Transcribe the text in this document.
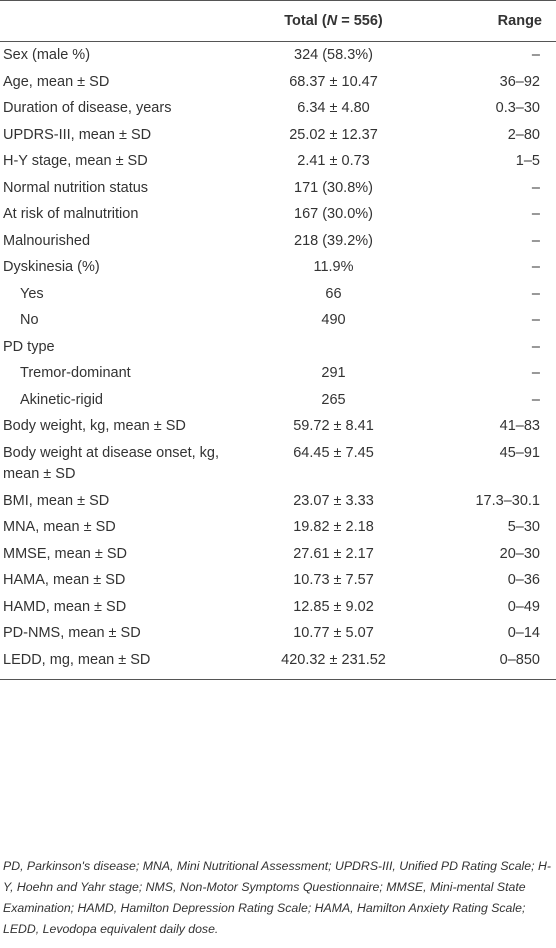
	Total (N = 556)	Range
Sex (male %)	324 (58.3%)	–
Age, mean ± SD	68.37 ± 10.47	36–92
Duration of disease, years	6.34 ± 4.80	0.3–30
UPDRS-III, mean ± SD	25.02 ± 12.37	2–80
H-Y stage, mean ± SD	2.41 ± 0.73	1–5
Normal nutrition status	171 (30.8%)	–
At risk of malnutrition	167 (30.0%)	–
Malnourished	218 (39.2%)	–
Dyskinesia (%)	11.9%	–
Yes	66	–
No	490	–
PD type		–
Tremor-dominant	291	–
Akinetic-rigid	265	–
Body weight, kg, mean ± SD	59.72 ± 8.41	41–83
Body weight at disease onset, kg, mean ± SD	64.45 ± 7.45	45–91
BMI, mean ± SD	23.07 ± 3.33	17.3–30.1
MNA, mean ± SD	19.82 ± 2.18	5–30
MMSE, mean ± SD	27.61 ± 2.17	20–30
HAMA, mean ± SD	10.73 ± 7.57	0–36
HAMD, mean ± SD	12.85 ± 9.02	0–49
PD-NMS, mean ± SD	10.77 ± 5.07	0–14
LEDD, mg, mean ± SD	420.32 ± 231.52	0–850
PD, Parkinson's disease; MNA, Mini Nutritional Assessment; UPDRS-III, Unified PD Rating Scale; H-Y, Hoehn and Yahr stage; NMS, Non-Motor Symptoms Questionnaire; MMSE, Mini-mental State Examination; HAMD, Hamilton Depression Rating Scale; HAMA, Hamilton Anxiety Rating Scale; LEDD, Levodopa equivalent daily dose.
